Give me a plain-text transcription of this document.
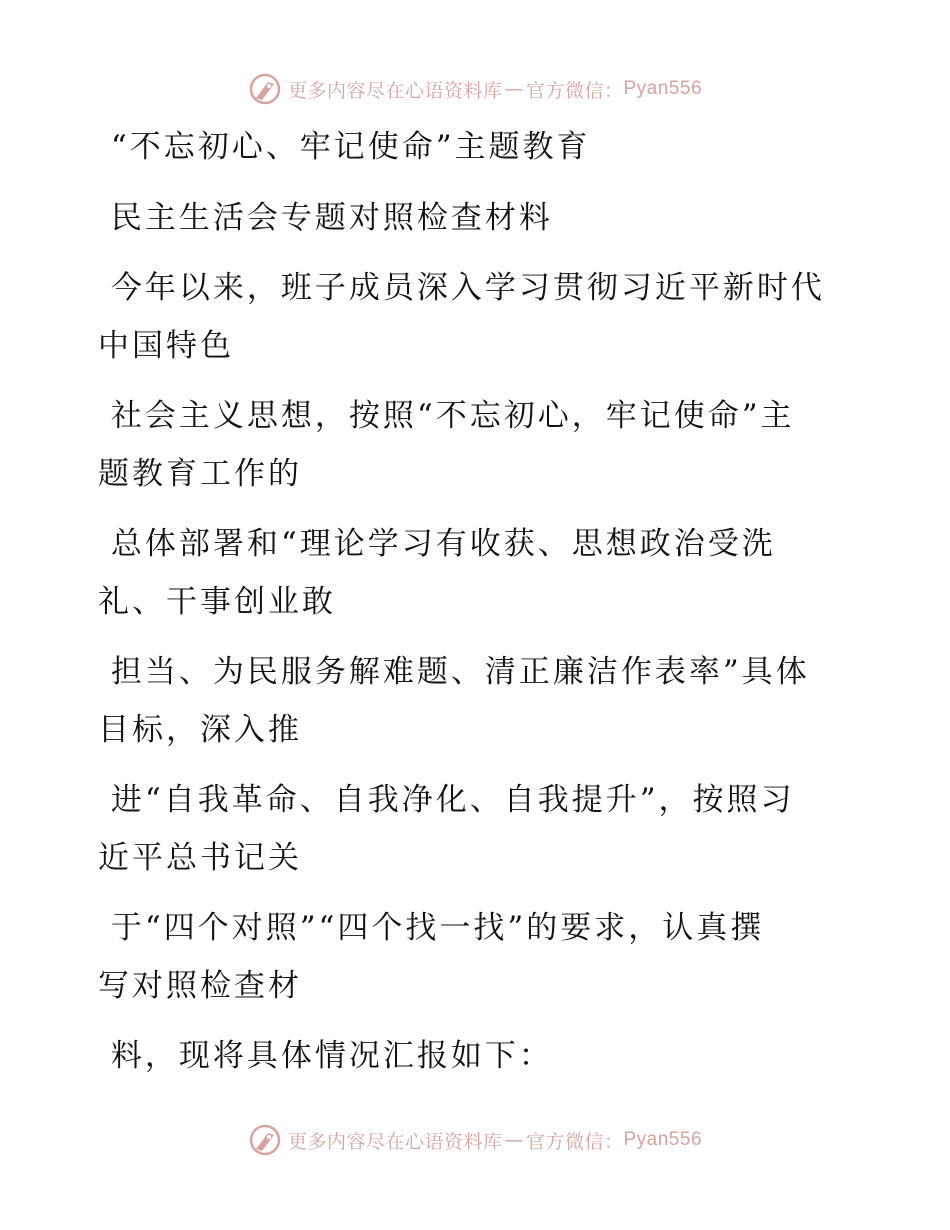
更多内容尽在心语资料库 — 官方微信： Pyan556

“不忘初心、牢记使命”主题教育

民主生活会专题对照检查材料

今年以来，班子成员深入学习贯彻习近平新时代

中国特色

社会主义思想，按照“不忘初心，牢记使命”主

题教育工作的

总体部署和“理论学习有收获、思想政治受洗

礼、干事创业敢

担当、为民服务解难题、清正廉洁作表率”具体

目标，深入推

进“自我革命、自我净化、自我提升”，按照习

近平总书记关

于“四个对照”“四个找一找”的要求，认真撰

写对照检查材

料，现将具体情况汇报如下：

更多内容尽在心语资料库 — 官方微信： Pyan556
